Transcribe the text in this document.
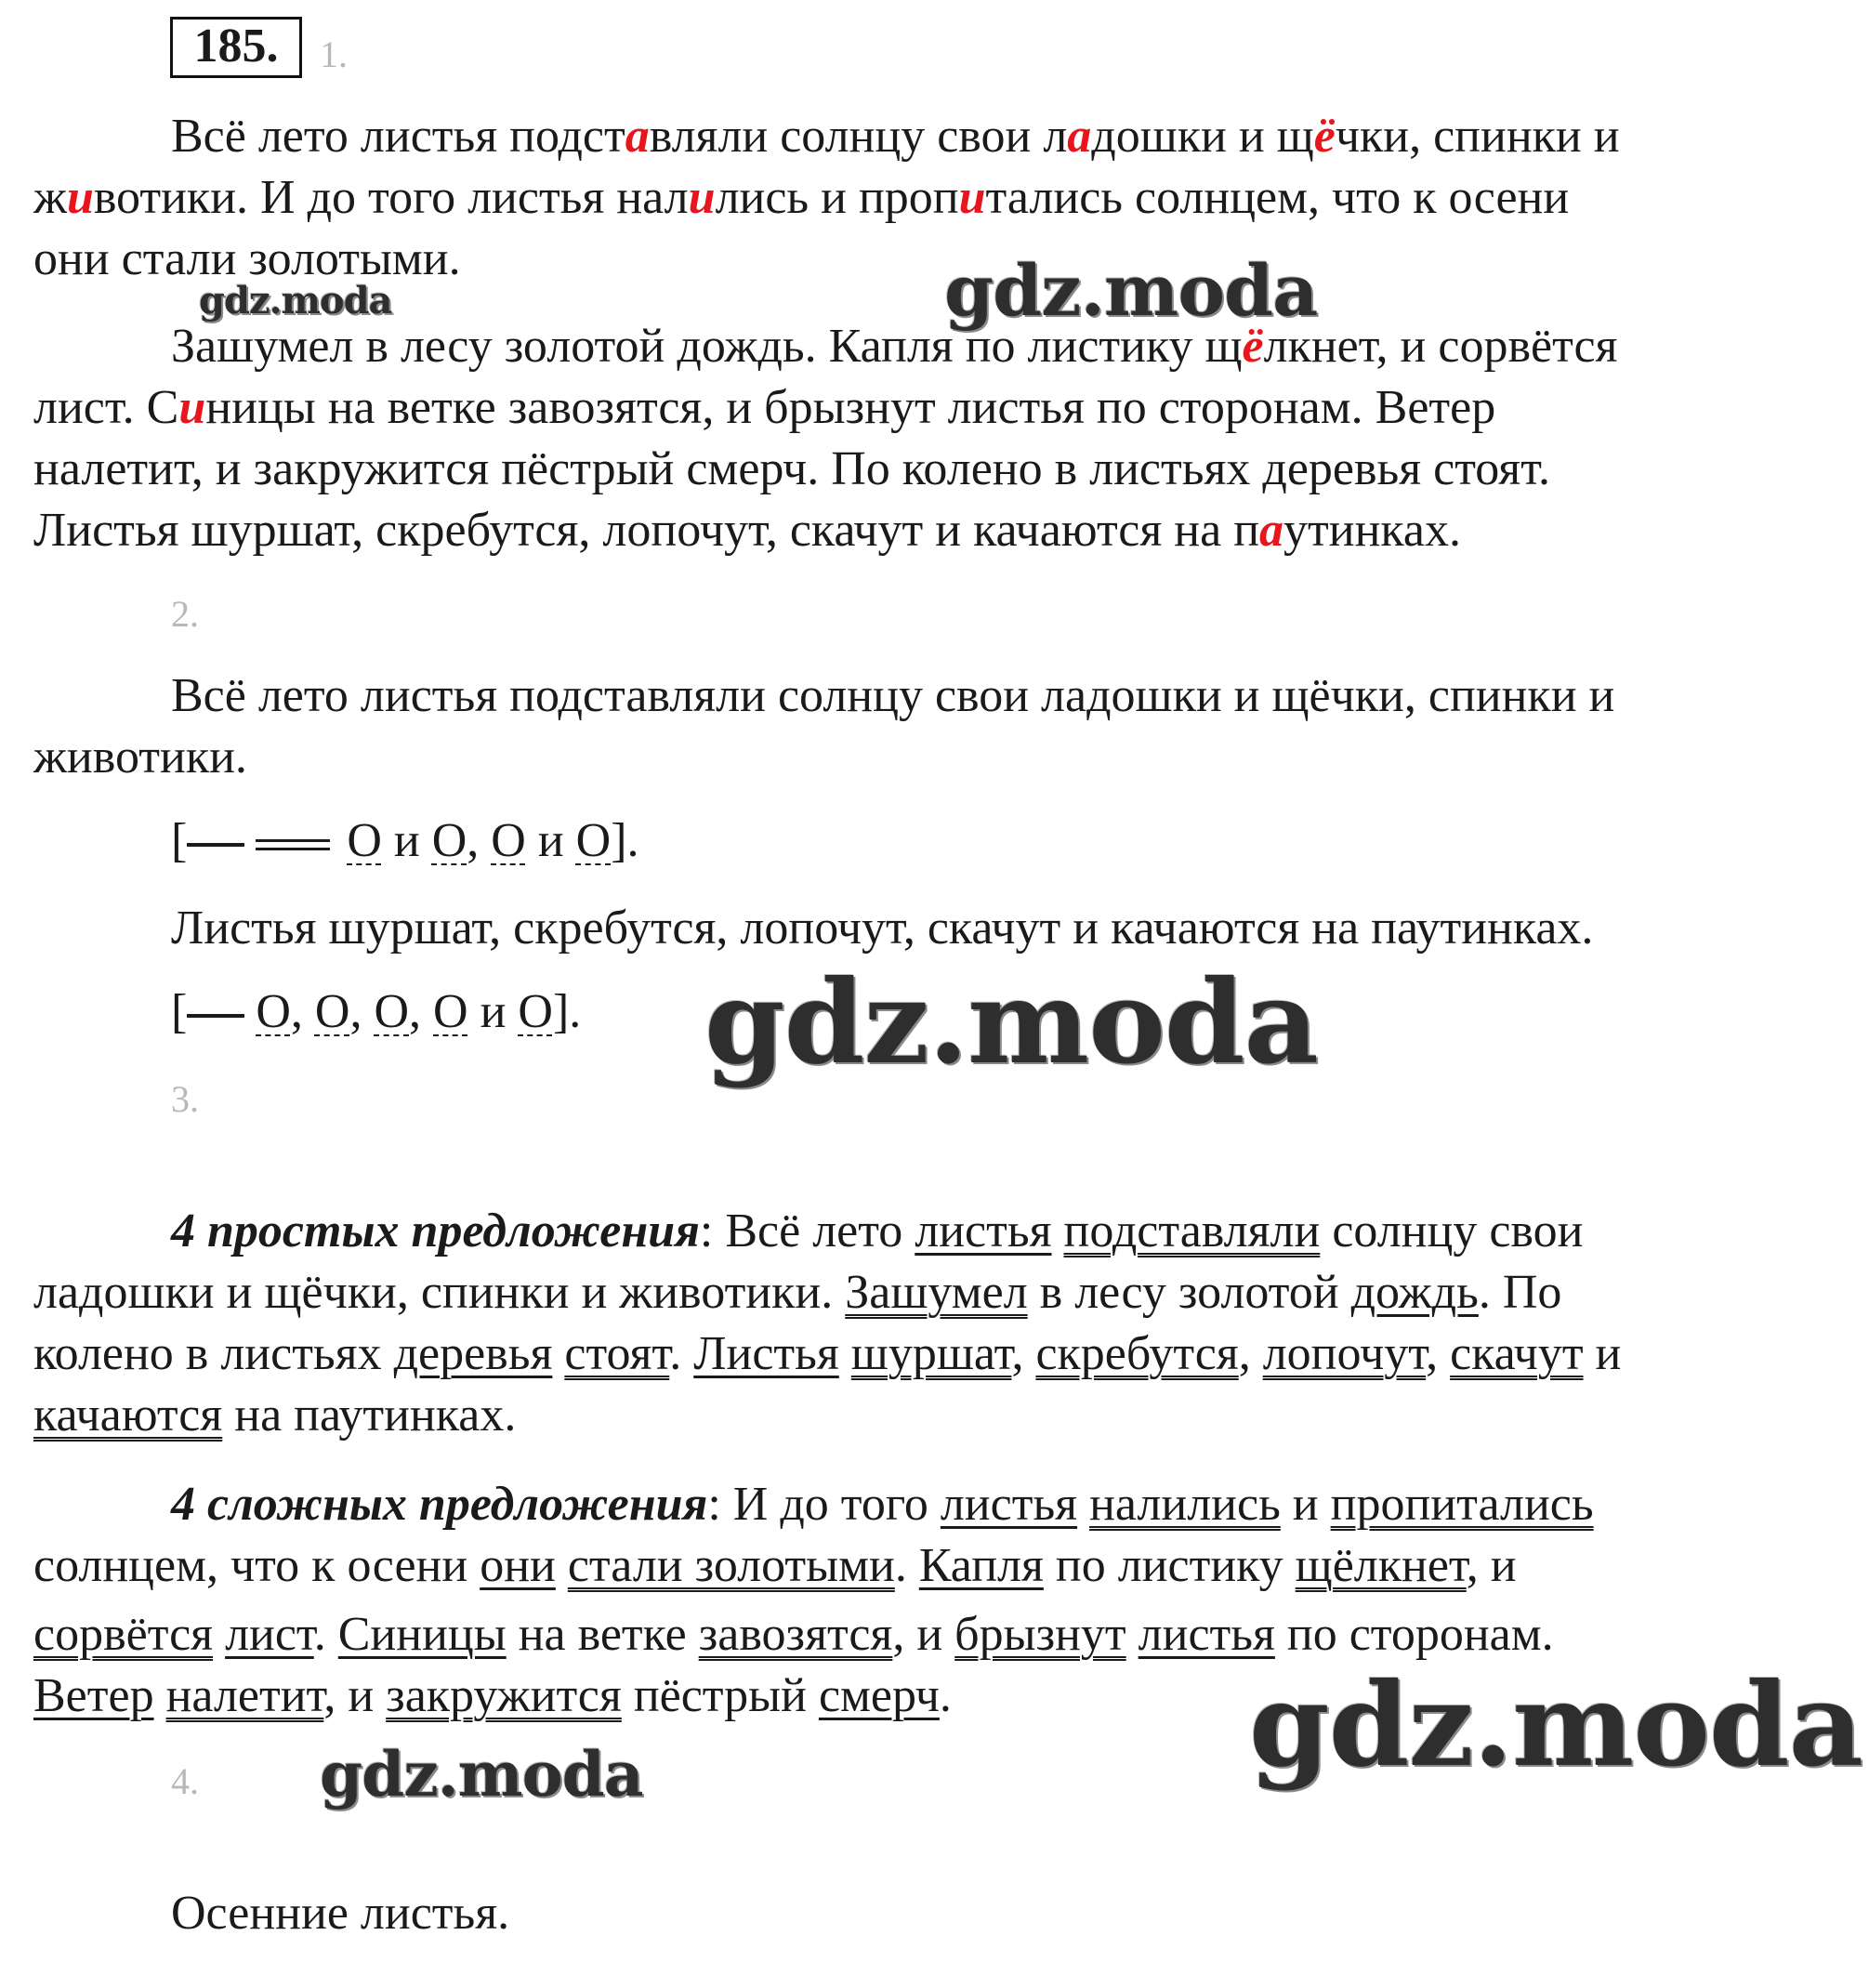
185.	1.
Всё лето листья подставляли солнцу свои ладошки и щёчки, спинки и
животики. И до того листья налились и пропитались солнцем, что к осени
они стали золотыми.
Зашумел в лесу золотой дождь. Капля по листику щёлкнет, и сорвётся
лист. Синицы на ветке завозятся, и брызнут листья по сторонам. Ветер
налетит, и закружится пёстрый смерч. По колено в листьях деревья стоят.
Листья шуршат, скребутся, лопочут, скачут и качаются на паутинках.
2.
Всё лето листья подставляли солнцу свои ладошки и щёчки, спинки и
животики.
[	О и О, О и О].
Листья шуршат, скребутся, лопочут, скачут и качаются на паутинках.
[ О, О, О, О и О].
3.
4 простых предложения: Всё лето листья подставляли солнцу свои
ладошки и щёчки, спинки и животики. Зашумел в лесу золотой дождь. По
колено в листьях деревья стоят. Листья шуршат, скребутся, лопочут, скачут и
качаются на паутинках.
4 сложных предложения: И до того листья налились и пропитались
солнцем, что к осени они стали золотыми. Капля по листику щёлкнет, и
сорвётся лист. Синицы на ветке завозятся, и брызнут листья по сторонам.
Ветер налетит, и закружится пёстрый смерч.
4.
Осенние листья.
gdz.moda	gdz.moda
gdz.moda
gdz.moda
gdz.moda
